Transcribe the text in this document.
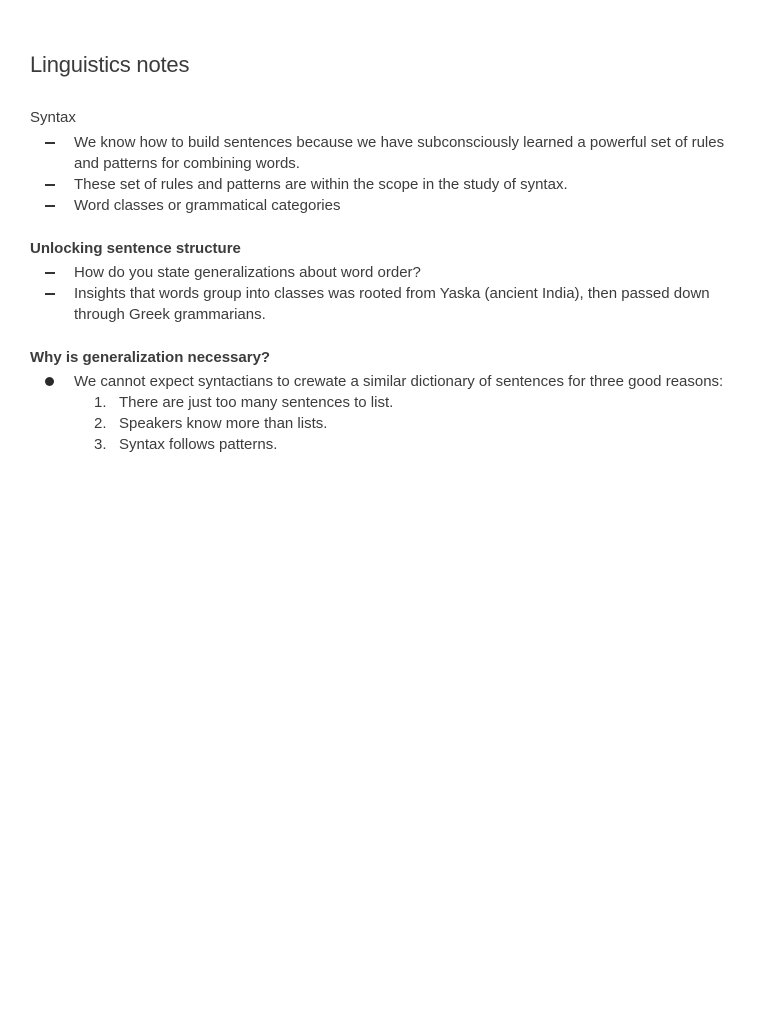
Linguistics notes
Syntax
We know how to build sentences because we have subconsciously learned a powerful set of rules and patterns for combining words.
These set of rules and patterns are within the scope in the study of syntax.
Word classes or grammatical categories
Unlocking sentence structure
How do you state generalizations about word order?
Insights that words group into classes was rooted from Yaska (ancient India), then passed down through Greek grammarians.
Why is generalization necessary?
We cannot expect syntactians to crewate a similar dictionary of sentences for three good reasons:
1. There are just too many sentences to list.
2. Speakers know more than lists.
3. Syntax follows patterns.
